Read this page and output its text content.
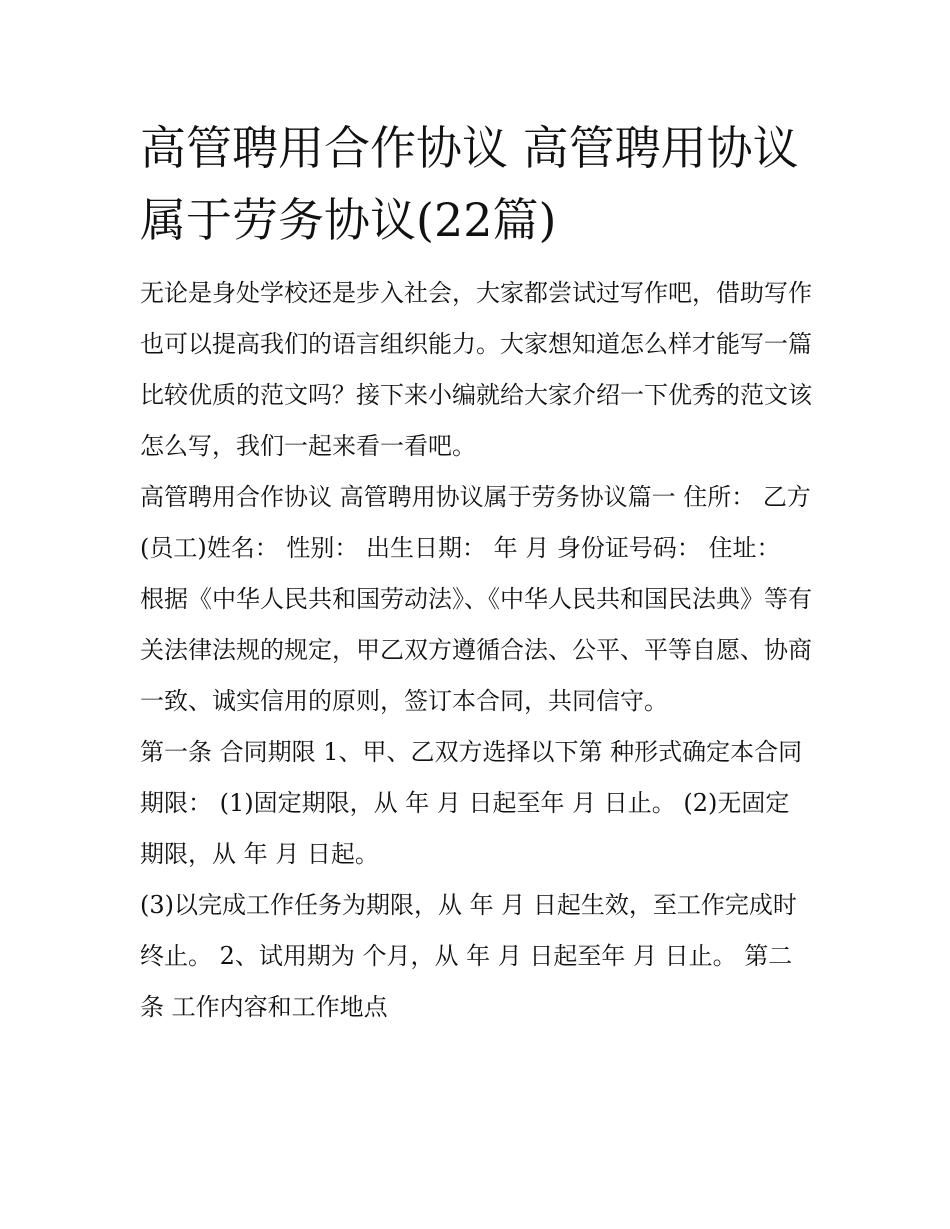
高管聘用合作协议 高管聘用协议属于劳务协议(22篇)

无论是身处学校还是步入社会，大家都尝试过写作吧，借助写作也可以提高我们的语言组织能力。大家想知道怎么样才能写一篇比较优质的范文吗？接下来小编就给大家介绍一下优秀的范文该怎么写，我们一起来看一看吧。

高管聘用合作协议 高管聘用协议属于劳务协议篇一 住所： 乙方(员工)姓名： 性别： 出生日期： 年 月 身份证号码： 住址：

根据《中华人民共和国劳动法》、《中华人民共和国民法典》等有关法律法规的规定，甲乙双方遵循合法、公平、平等自愿、协商一致、诚实信用的原则，签订本合同，共同信守。

第一条 合同期限 1、甲、乙双方选择以下第 种形式确定本合同期限： (1)固定期限，从 年 月 日起至年 月 日止。 (2)无固定期限，从 年 月 日起。

(3)以完成工作任务为期限，从 年 月 日起生效，至工作完成时终止。 2、试用期为 个月，从 年 月 日起至年 月 日止。 第二条 工作内容和工作地点
